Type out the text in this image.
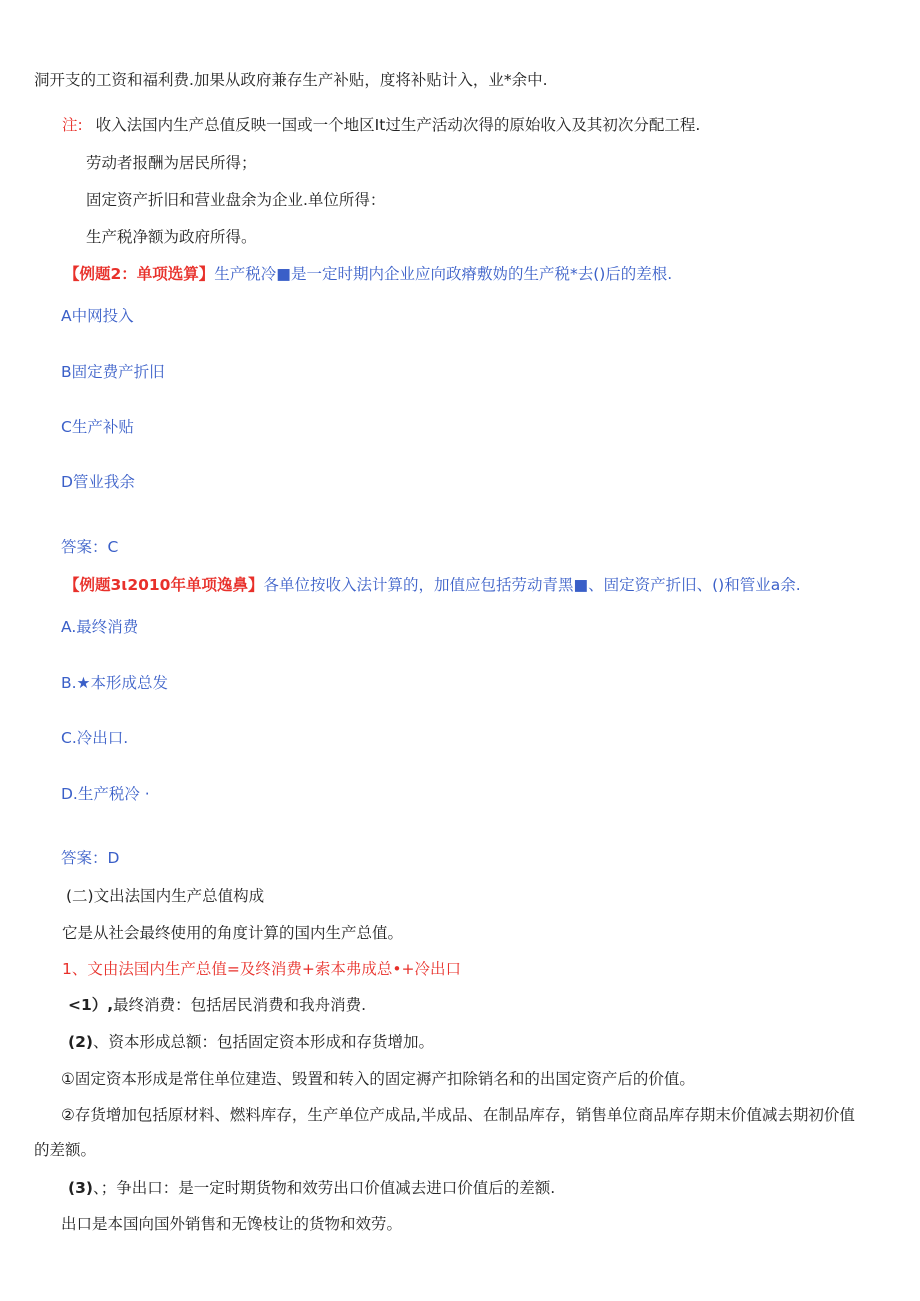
洞开支的工资和福利费.加果从政府兼存生产补贴，度将补贴计入，业*余中.
注: 收入法国内生产总值反映一国或一个地区It过生产活动次得的原始收入及其初次分配工程.
劳动者报酬为居民所得；
固定资产折旧和营业盘余为企业.单位所得：
生产税净额为政府所得。
【例题2：单项选算】生产税冷■是一定时期内企业应向政瘠敷妫的生产税*去()后的差根.
A中网投入
B固定费产折旧
C生产补贴
D管业我余
答案：C
【例题3ι2010年单项逸鼻】各单位按收入法计算的，加值应包括劳动青黑■、固定资产折旧、()和管业a余.
A.最终消费
B.★本形成总发
C.冷出口.
D.生产税冷 ·
答案：D
(二)文出法国内生产总值构成
它是从社会最终使用的角度计算的国内生产总值。
1、文由法国内生产总值=及终消费+索本弗成总•+冷出口
<1）,最终消费：包括居民消费和我舟消费.
(2)、资本形成总额：包括固定资本形成和存货增加。
①固定资本形成是常住单位建造、毁置和转入的固定褥产扣除销名和的出国定资产后的价值。
②存货增加包括原材料、燃料库存，生产单位产成品,半成品、在制品库存，销售单位商品库存期末价值减去期初价值
的差额。
(3)、；争出口：是一定时期货物和效劳出口价值减去进口价值后的差额.
出口是本国向国外销售和无馋枝让的货物和效劳。
